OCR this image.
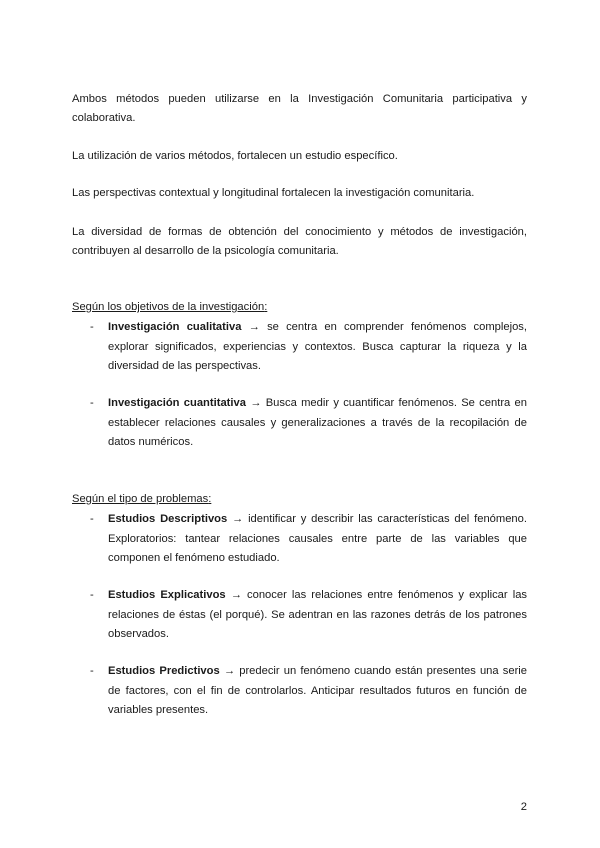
Ambos métodos pueden utilizarse en la Investigación Comunitaria participativa y colaborativa.

La utilización de varios métodos, fortalecen un estudio específico.

Las perspectivas contextual y longitudinal fortalecen la investigación comunitaria.

La diversidad de formas de obtención del conocimiento y métodos de investigación, contribuyen al desarrollo de la psicología comunitaria.

Según los objetivos de la investigación:

-	Investigación cualitativa → se centra en comprender fenómenos complejos, explorar significados, experiencias y contextos. Busca capturar la riqueza y la diversidad de las perspectivas.
-	Investigación cuantitativa → Busca medir y cuantificar fenómenos. Se centra en establecer relaciones causales y generalizaciones a través de la recopilación de datos numéricos.

Según el tipo de problemas:

-	Estudios Descriptivos → identificar y describir las características del fenómeno. Exploratorios: tantear relaciones causales entre parte de las variables que componen el fenómeno estudiado.
-	Estudios Explicativos → conocer las relaciones entre fenómenos y explicar las relaciones de éstas (el porqué). Se adentran en las razones detrás de los patrones observados.
-	Estudios Predictivos → predecir un fenómeno cuando están presentes una serie de factores, con el fin de controlarlos. Anticipar resultados futuros en función de variables presentes.
2
